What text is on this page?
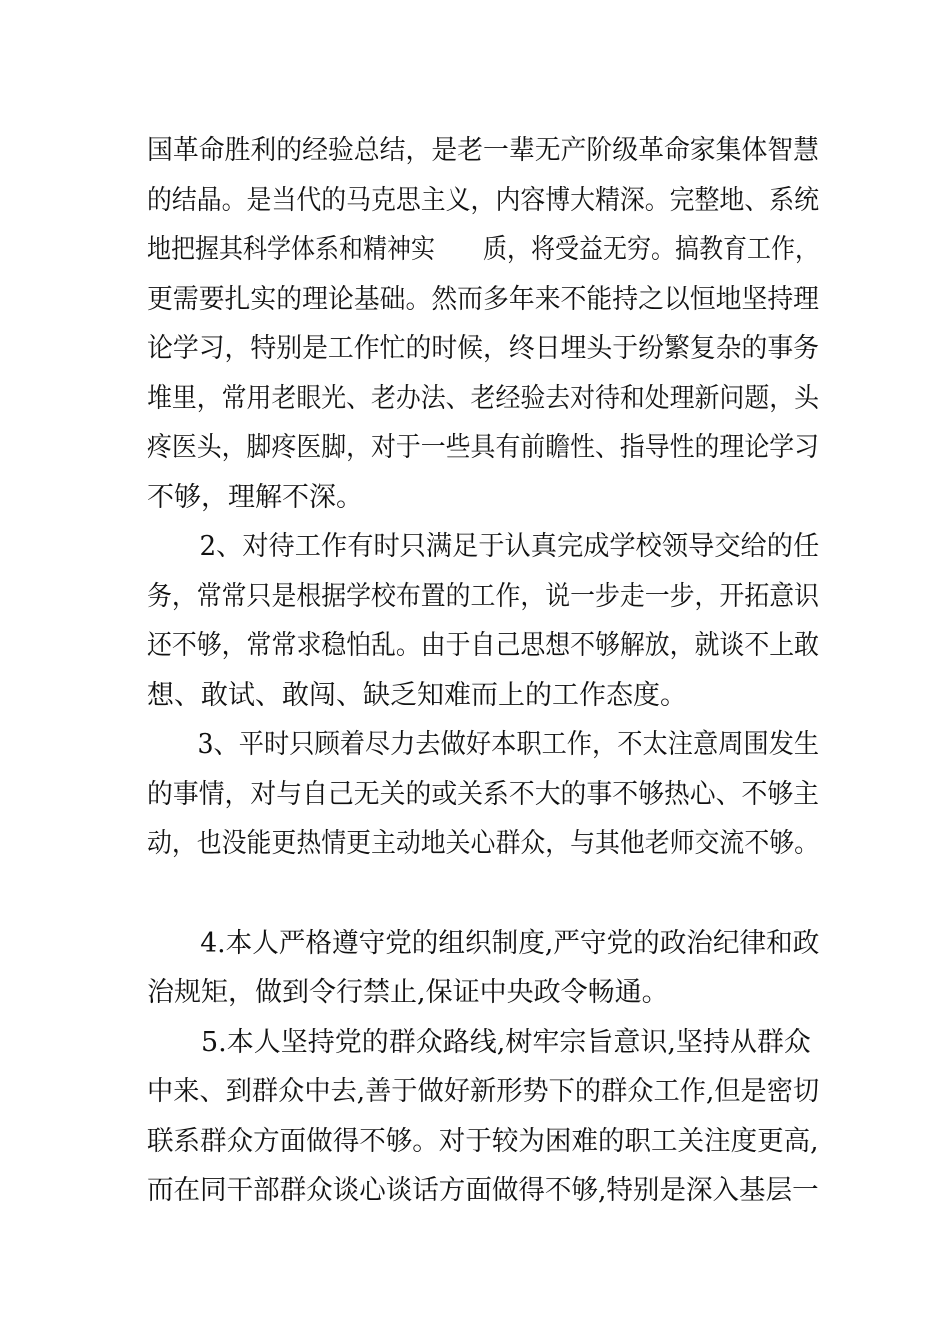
国革命胜利的经验总结，是老一辈无产阶级革命家集体智慧
的结晶。是当代的马克思主义，内容博大精深。完整地、系统
地把握其科学体系和精神实　　质，将受益无穷。搞教育工作，
更需要扎实的理论基础。然而多年来不能持之以恒地坚持理
论学习，特别是工作忙的时候，终日埋头于纷繁复杂的事务
堆里，常用老眼光、老办法、老经验去对待和处理新问题，头
疼医头，脚疼医脚，对于一些具有前瞻性、指导性的理论学习
不够，理解不深。

2、对待工作有时只满足于认真完成学校领导交给的任
务，常常只是根据学校布置的工作，说一步走一步，开拓意识
还不够，常常求稳怕乱。由于自己思想不够解放，就谈不上敢
想、敢试、敢闯、缺乏知难而上的工作态度。

3、平时只顾着尽力去做好本职工作，不太注意周围发生
的事情，对与自己无关的或关系不大的事不够热心、不够主
动，也没能更热情更主动地关心群众，与其他老师交流不够。

4.本人严格遵守党的组织制度,严守党的政治纪律和政
治规矩，做到令行禁止,保证中央政令畅通。

5.本人坚持党的群众路线,树牢宗旨意识,坚持从群众
中来、到群众中去,善于做好新形势下的群众工作,但是密切
联系群众方面做得不够。对于较为困难的职工关注度更高,
而在同干部群众谈心谈话方面做得不够,特别是深入基层一
